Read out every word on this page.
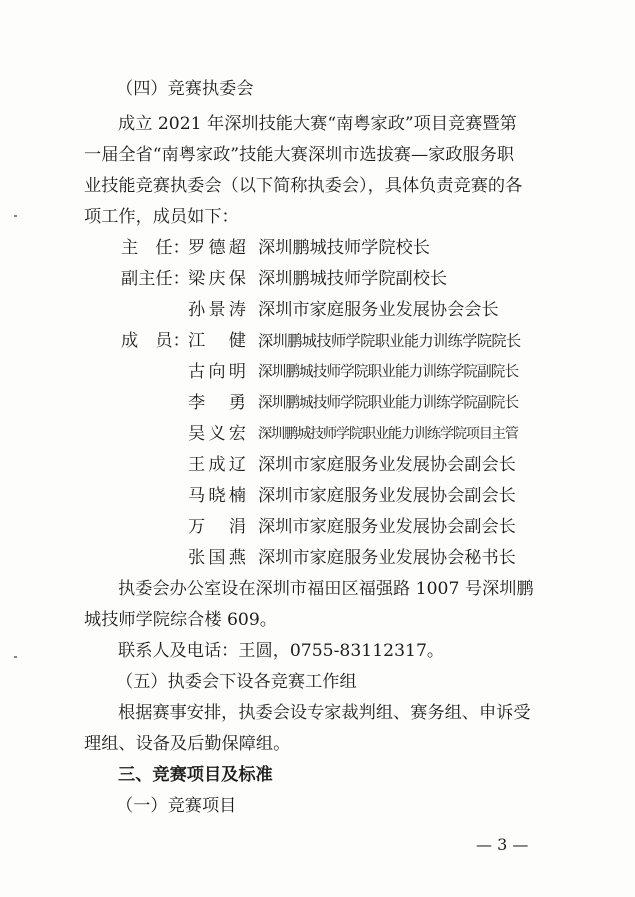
（四）竞赛执委会
成立 2021 年深圳技能大赛“南粤家政”项目竞赛暨第
一届全省“南粤家政”技能大赛深圳市选拔赛—家政服务职
业技能竞赛执委会（以下简称执委会），具体负责竞赛的各
项工作，成员如下：
主　任：
罗德超 深圳鹏城技师学院校长
副主任：
梁庆保 深圳鹏城技师学院副校长
孙景涛 深圳市家庭服务业发展协会会长
成　员：
江　健 深圳鹏城技师学院职业能力训练学院院长
古向明 深圳鹏城技师学院职业能力训练学院副院长
李　勇 深圳鹏城技师学院职业能力训练学院副院长
吴义宏 深圳鹏城技师学院职业能力训练学院项目主管
王成辽 深圳市家庭服务业发展协会副会长
马晓楠 深圳市家庭服务业发展协会副会长
万　涓 深圳市家庭服务业发展协会副会长
张国燕 深圳市家庭服务业发展协会秘书长
执委会办公室设在深圳市福田区福强路 1007 号深圳鹏
城技师学院综合楼 609。
联系人及电话：王圆，0755-83112317。
（五）执委会下设各竞赛工作组
根据赛事安排，执委会设专家裁判组、赛务组、申诉受
理组、设备及后勤保障组。
三、竞赛项目及标准
（一）竞赛项目
— 3 —
